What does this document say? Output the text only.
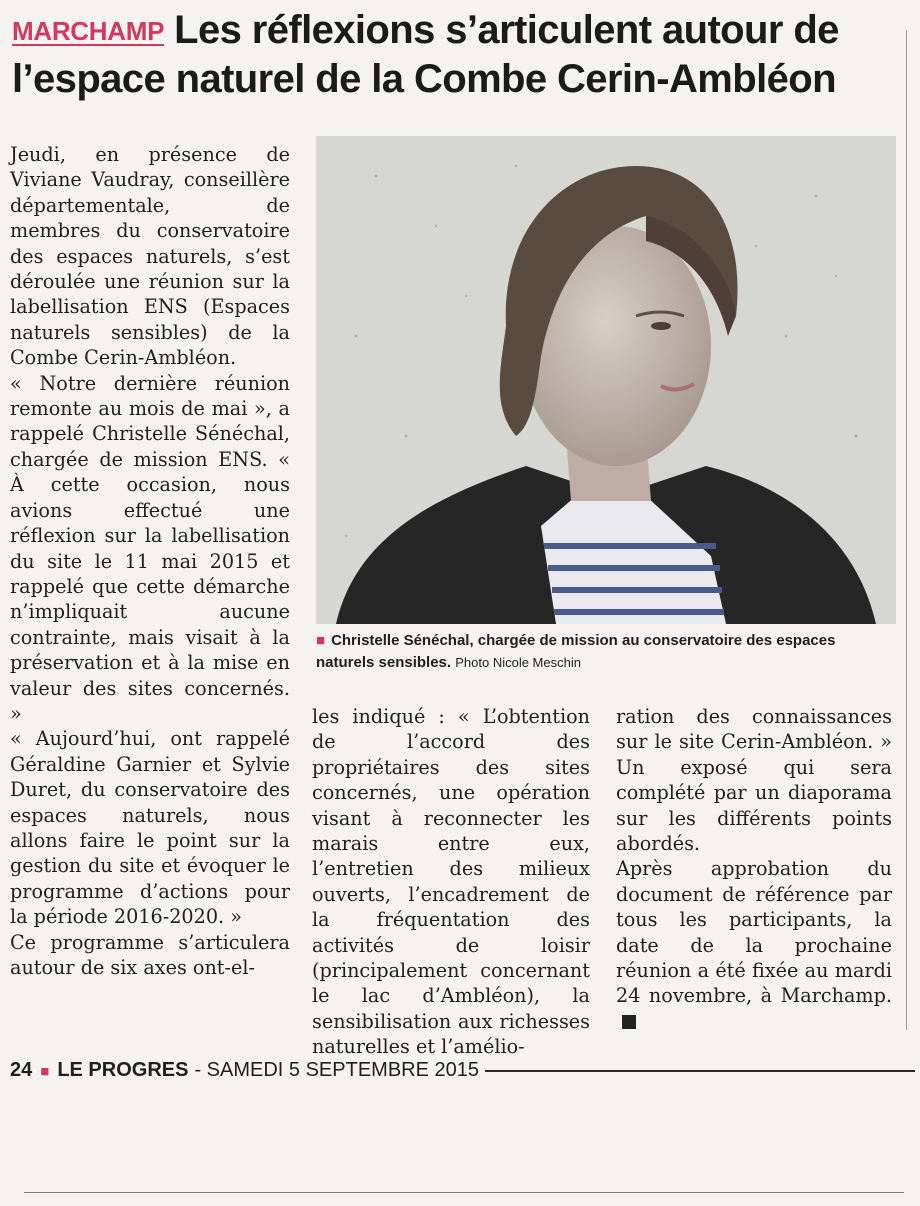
MARCHAMP Les réflexions s’articulent autour de l’espace naturel de la Combe Cerin-Ambléon

Jeudi, en présence de Viviane Vaudray, conseillère départementale, de membres du conservatoire des espaces naturels, s’est déroulée une réunion sur la labellisation ENS (Espaces naturels sensibles) de la Combe Cerin-Ambléon.

« Notre dernière réunion remonte au mois de mai », a rappelé Christelle Sénéchal, chargée de mission ENS. « À cette occasion, nous avions effectué une réflexion sur la labellisation du site le 11 mai 2015 et rappelé que cette démarche n’impliquait aucune contrainte, mais visait à la préservation et à la mise en valeur des sites concernés. »

« Aujourd’hui, ont rappelé Géraldine Garnier et Sylvie Duret, du conservatoire des espaces naturels, nous allons faire le point sur la gestion du site et évoquer le programme d’actions pour la période 2016-2020. »

Ce programme s’articulera autour de six axes ont-el-

■ Christelle Sénéchal, chargée de mission au conservatoire des espaces naturels sensibles. Photo Nicole Meschin

les indiqué : « L’obtention de l’accord des propriétaires des sites concernés, une opération visant à reconnecter les marais entre eux, l’entretien des milieux ouverts, l’encadrement de la fréquentation des activités de loisir (principalement concernant le lac d’Ambléon), la sensibilisation aux richesses naturelles et l’amélio-

ration des connaissances sur le site Cerin-Ambléon. » Un exposé qui sera complété par un diaporama sur les différents points abordés.

Après approbation du document de référence par tous les participants, la date de la prochaine réunion a été fixée au mardi 24 novembre, à Marchamp.

24 ■ LE PROGRES - SAMEDI 5 SEPTEMBRE 2015
